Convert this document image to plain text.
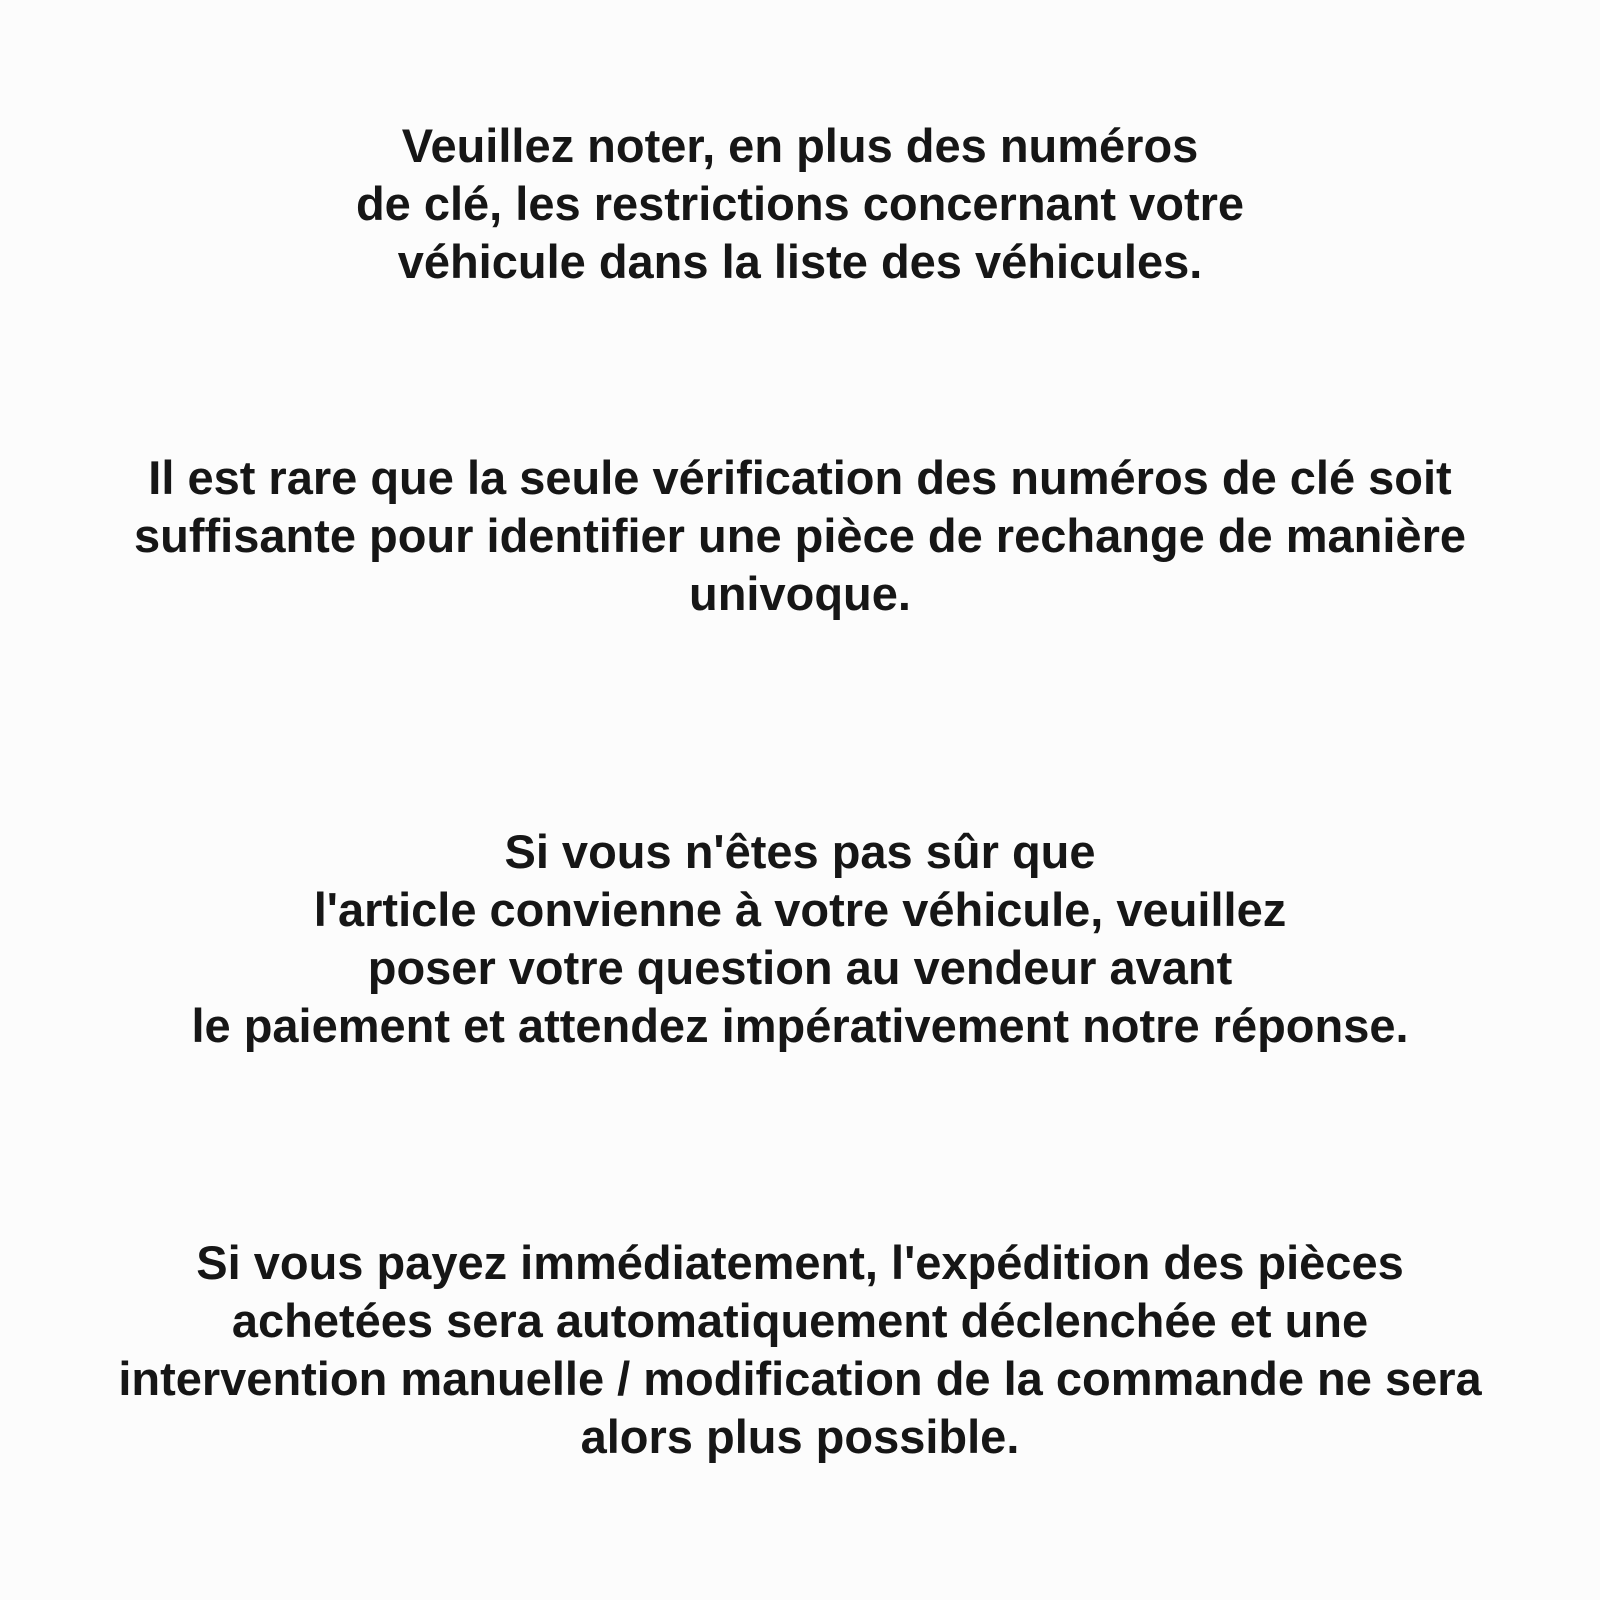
Veuillez noter, en plus des numéros
de clé, les restrictions concernant votre
véhicule dans la liste des véhicules.

Il est rare que la seule vérification des numéros de clé soit
suffisante pour identifier une pièce de rechange de manière
univoque.

Si vous n'êtes pas sûr que
l'article convienne à votre véhicule, veuillez
poser votre question au vendeur avant
le paiement et attendez impérativement notre réponse.

Si vous payez immédiatement, l'expédition des pièces
achetées sera automatiquement déclenchée et une
intervention manuelle / modification de la commande ne sera
alors plus possible.
